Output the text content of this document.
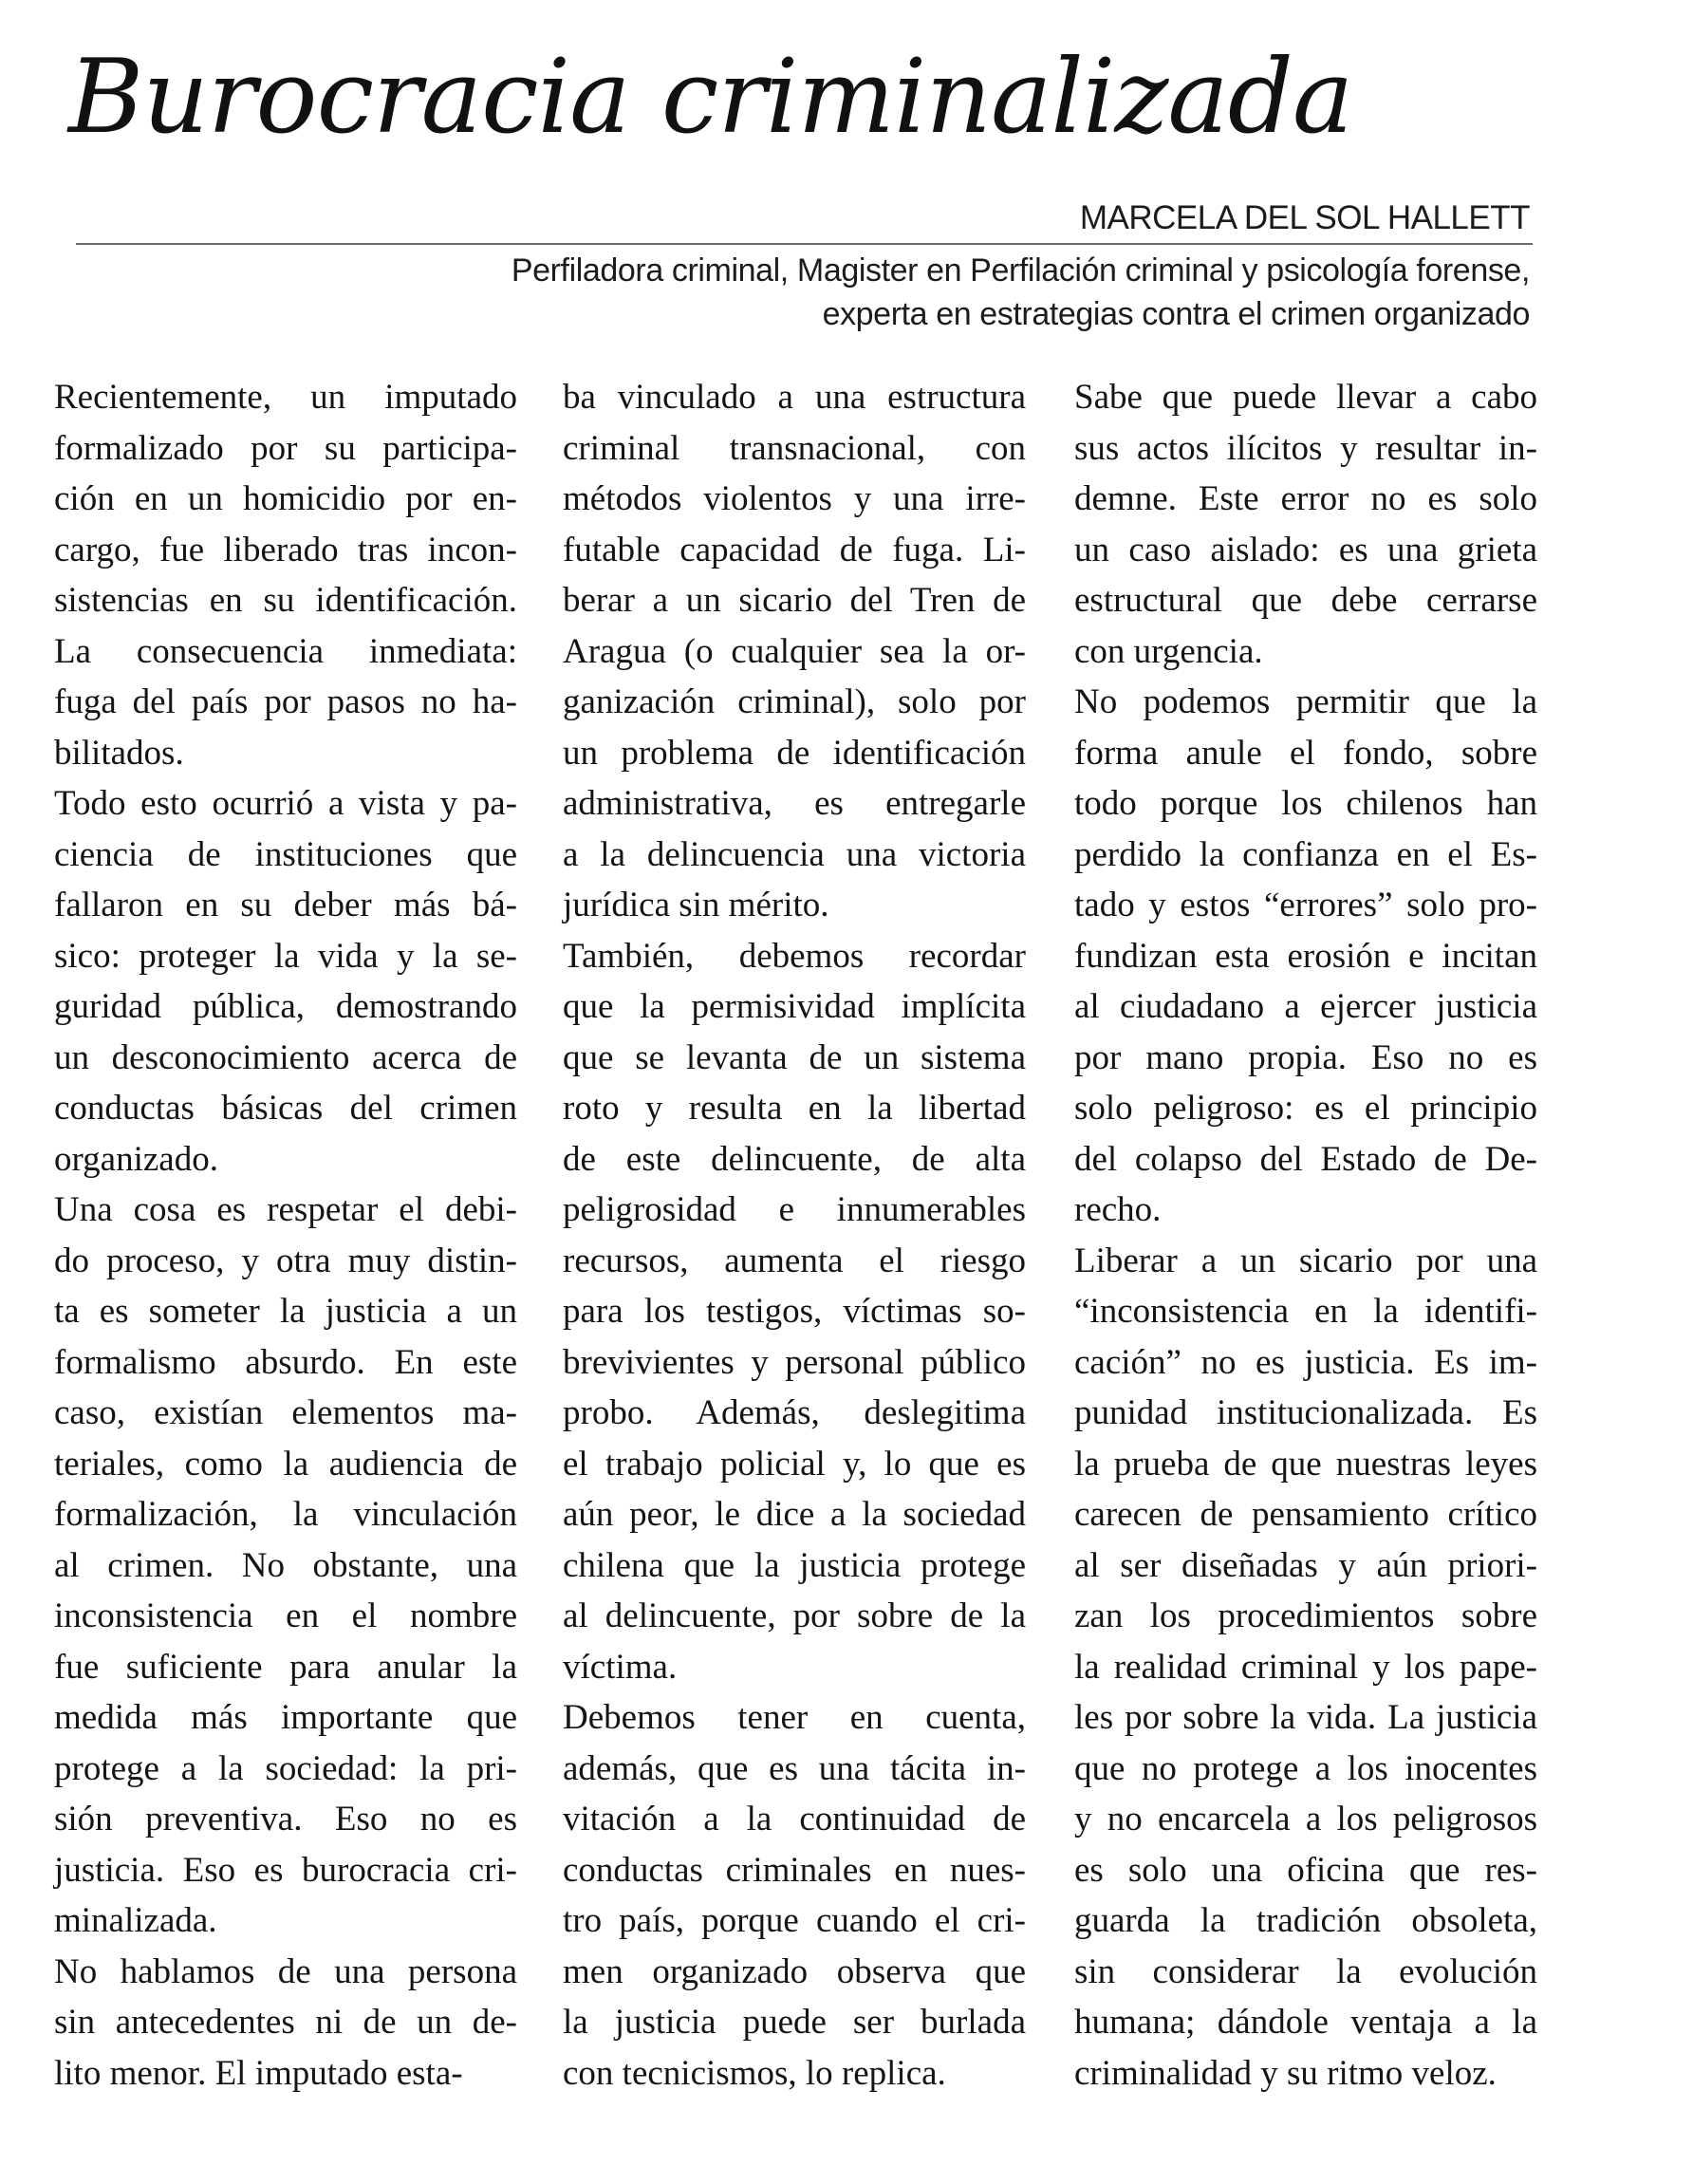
Burocracia criminalizada
MARCELA DEL SOL HALLETT
Perfiladora criminal, Magister en Perfilación criminal y psicología forense,
experta en estrategias contra el crimen organizado
Recientemente, un imputado
formalizado por su participa-
ción en un homicidio por en-
cargo, fue liberado tras incon-
sistencias en su identificación.
La consecuencia inmediata:
fuga del país por pasos no ha-
bilitados.
Todo esto ocurrió a vista y pa-
ciencia de instituciones que
fallaron en su deber más bá-
sico: proteger la vida y la se-
guridad pública, demostrando
un desconocimiento acerca de
conductas básicas del crimen
organizado.
Una cosa es respetar el debi-
do proceso, y otra muy distin-
ta es someter la justicia a un
formalismo absurdo. En este
caso, existían elementos ma-
teriales, como la audiencia de
formalización, la vinculación
al crimen. No obstante, una
inconsistencia en el nombre
fue suficiente para anular la
medida más importante que
protege a la sociedad: la pri-
sión preventiva. Eso no es
justicia. Eso es burocracia cri-
minalizada.
No hablamos de una persona
sin antecedentes ni de un de-
lito menor. El imputado esta-
ba vinculado a una estructura
criminal transnacional, con
métodos violentos y una irre-
futable capacidad de fuga. Li-
berar a un sicario del Tren de
Aragua (o cualquier sea la or-
ganización criminal), solo por
un problema de identificación
administrativa, es entregarle
a la delincuencia una victoria
jurídica sin mérito.
También, debemos recordar
que la permisividad implícita
que se levanta de un sistema
roto y resulta en la libertad
de este delincuente, de alta
peligrosidad e innumerables
recursos, aumenta el riesgo
para los testigos, víctimas so-
brevivientes y personal público
probo. Además, deslegitima
el trabajo policial y, lo que es
aún peor, le dice a la sociedad
chilena que la justicia protege
al delincuente, por sobre de la
víctima.
Debemos tener en cuenta,
además, que es una tácita in-
vitación a la continuidad de
conductas criminales en nues-
tro país, porque cuando el cri-
men organizado observa que
la justicia puede ser burlada
con tecnicismos, lo replica.
Sabe que puede llevar a cabo
sus actos ilícitos y resultar in-
demne. Este error no es solo
un caso aislado: es una grieta
estructural que debe cerrarse
con urgencia.
No podemos permitir que la
forma anule el fondo, sobre
todo porque los chilenos han
perdido la confianza en el Es-
tado y estos “errores” solo pro-
fundizan esta erosión e incitan
al ciudadano a ejercer justicia
por mano propia. Eso no es
solo peligroso: es el principio
del colapso del Estado de De-
recho.
Liberar a un sicario por una
“inconsistencia en la identifi-
cación” no es justicia. Es im-
punidad institucionalizada. Es
la prueba de que nuestras leyes
carecen de pensamiento crítico
al ser diseñadas y aún priori-
zan los procedimientos sobre
la realidad criminal y los pape-
les por sobre la vida. La justicia
que no protege a los inocentes
y no encarcela a los peligrosos
es solo una oficina que res-
guarda la tradición obsoleta,
sin considerar la evolución
humana; dándole ventaja a la
criminalidad y su ritmo veloz.
